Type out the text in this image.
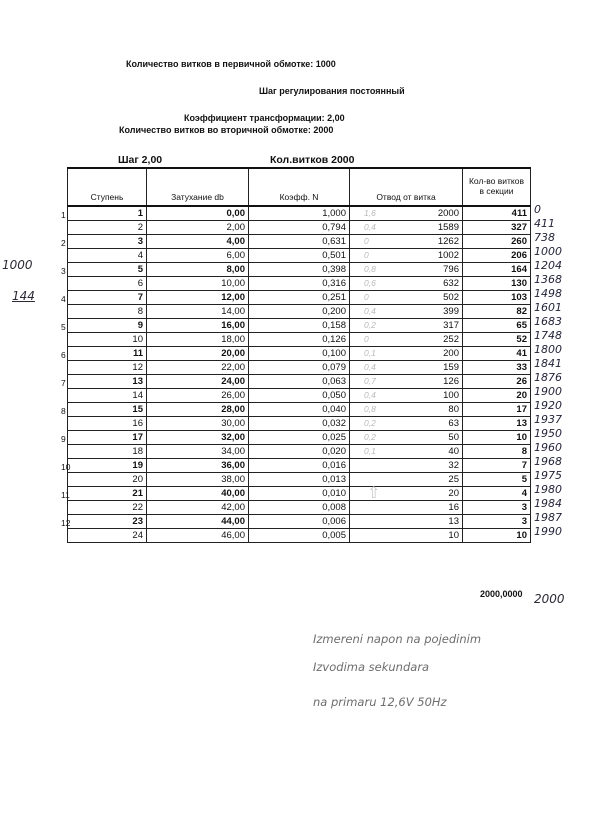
Количество витков в первичной обмотке: 1000
Шаг регулирования постоянный
Коэффициент трансформации: 2,00
Количество витков во вторичной обмотке: 2000
Шаг 2,00	Кол.витков 2000
Ступень	Затухание db	Коэфф. N	Отвод от витка	Кол-во витков в секции
1	0,00	1,000	1,6 2000	411
2	2,00	0,794	0,4 1589	327
3	4,00	0,631	0 1262	260
4	6,00	0,501	0 1002	206
5	8,00	0,398	0,8 796	164
6	10,00	0,316	0,6 632	130
7	12,00	0,251	0 502	103
8	14,00	0,200	0,4 399	82
9	16,00	0,158	0,2 317	65
10	18,00	0,126	0 252	52
11	20,00	0,100	0,1 200	41
12	22,00	0,079	0,4 159	33
13	24,00	0,063	0,7 126	26
14	26,00	0,050	0,4 100	20
15	28,00	0,040	0,8 80	17
16	30,00	0,032	0,2 63	13
17	32,00	0,025	0,2 50	10
18	34,00	0,020	0,1 40	8
19	36,00	0,016	32	7
20	38,00	0,013	25	5
21	40,00	0,010	20	4
22	42,00	0,008	16	3
23	44,00	0,006	13	3
24	46,00	0,005	10	10
2000,0000
1
2
3
4
5
6
7
8
9
10
11
12
1000
144
0
411
738
1000
1204
1368
1498
1601
1683
1748
1800
1841
1876
1900
1920
1937
1950
1960
1968
1975
1980
1984
1987
1990
2000
⇧
Izmereni napon na pojedinim
Izvodima sekundara
na primaru 12,6V 50Hz
